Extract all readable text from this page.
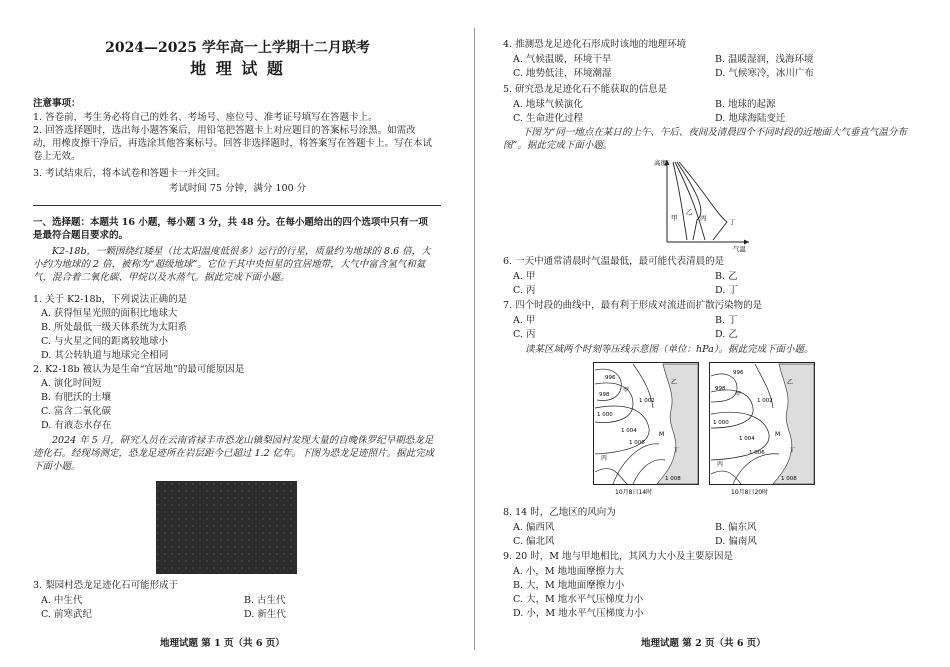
2024—2025 学年高一上学期十二月联考
地 理 试 题
注意事项：
1. 答卷前，考生务必将自己的姓名、考场号、座位号、准考证号填写在答题卡上。
2. 回答选择题时，选出每小题答案后，用铅笔把答题卡上对应题目的答案标号涂黑。如需改动，用橡皮擦干净后，再选涂其他答案标号。回答非选择题时，将答案写在答题卡上。写在本试卷上无效。
3. 考试结束后，将本试卷和答题卡一并交回。
考试时间 75 分钟，满分 100 分
一、选择题：本题共 16 小题，每小题 3 分，共 48 分。在每小题给出的四个选项中只有一项是最符合题目要求的。
K2-18b，一颗围绕红矮星（比太阳温度低很多）运行的行星，质量约为地球的 8.6 倍，大小约为地球的 2 倍，被称为“超级地球”。它位于其中央恒星的宜居地带，大气中富含氢气和氦气，混合着二氧化碳、甲烷以及水蒸气。据此完成下面小题。
1. 关于 K2-18b，下列说法正确的是
A. 获得恒星光照的面积比地球大
B. 所处最低一级天体系统为太阳系
C. 与火星之间的距离较地球小
D. 其公转轨道与地球完全相同
2. K2-18b 被认为是生命“宜居地”的最可能原因是
A. 演化时间短
B. 有肥沃的土壤
C. 富含二氧化碳
D. 有液态水存在
2024 年 5 月，研究人员在云南省禄丰市恐龙山镇梨园村发现大量的自晚侏罗纪早期恐龙足迹化石。经现场测定，恐龙足迹所在岩层距今已超过 1.2 亿年。下图为恐龙足迹照片。据此完成下面小题。
3. 梨园村恐龙足迹化石可能形成于
A. 中生代	B. 古生代
C. 前寒武纪	D. 新生代
地理试题 第 1 页（共 6 页）
4. 推测恐龙足迹化石形成时该地的地理环境
A. 气候温暖，环境干旱	B. 温暖湿润，浅海环境
C. 地势低洼，环境潮湿	D. 气候寒冷，冰川广布
5. 研究恐龙足迹化石不能获取的信息是
A. 地球气候演化	B. 地球的起源
C. 生命进化过程	D. 地球海陆变迁
下图为“同一地点在某日的上午、午后、夜间及清晨四个不同时段的近地面大气垂直气温分布图”。据此完成下面小题。
高度
气温
甲
乙
丙	丁
6. 一天中通常清晨时气温最低，最可能代表清晨的是
A. 甲	B. 乙
C. 丙	D. 丁
7. 四个时段的曲线中，最有利于形成对流进而扩散污染物的是
A. 甲	B. 丁
C. 丙	D. 乙
读某区域两个时刻等压线示意图（单位：hPa）。据此完成下面小题。
996
998
1 000
1 002
1 004
1 006
1 008
甲
乙
丙
丁
M
10月8日14时
996
998
1 000
1 002
1 004
1 006
1 008
甲
乙
丙
丁
M
10月8日20时
8. 14 时，乙地区的风向为
A. 偏西风	B. 偏东风
C. 偏北风	D. 偏南风
9. 20 时，M 地与甲地相比，其风力大小及主要原因是
A. 小，M 地地面摩擦力大
B. 大，M 地地面摩擦力小
C. 大，M 地水平气压梯度力小
D. 小，M 地水平气压梯度力小
地理试题 第 2 页（共 6 页）
